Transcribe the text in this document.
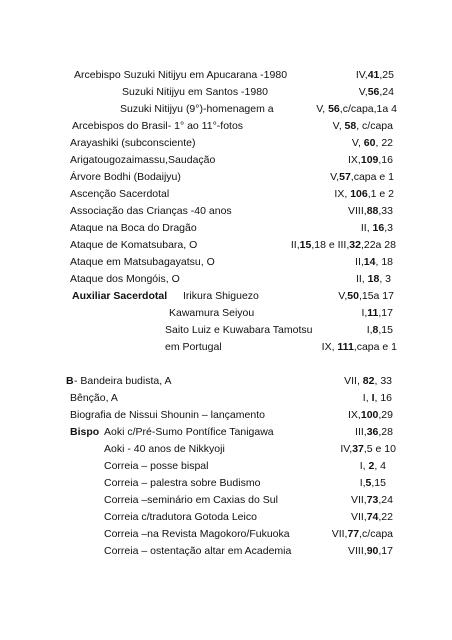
Arcebispo Suzuki Nitijyu em Apucarana -1980	IV,41,25
Suzuki Nitijyu em Santos -1980	V,56,24
Suzuki Nitijyu (9°)-homenagem a	V, 56,c/capa,1a 4
Arcebispos do Brasil- 1° ao 11°-fotos	V, 58, c/capa
Arayashiki (subconsciente)	V, 60, 22
Arigatougozaimassu,Saudação	IX,109,16
Árvore Bodhi (Bodaijyu)	V,57,capa e 1
Ascenção Sacerdotal	IX, 106,1 e 2
Associação das Crianças -40 anos	VIII,88,33
Ataque na Boca do Dragão	II, 16,3
Ataque de Komatsubara, O	II,15,18 e III,32,22a 28
Ataque em Matsubagayatsu, O	II,14, 18
Ataque dos Mongóis, O	II, 18, 3
Auxiliar Sacerdotal Irikura Shiguezo	V,50,15a 17
Kawamura Seiyou	I,11,17
Saito Luiz e Kuwabara Tamotsu	I,8,15
em Portugal	IX, 111,capa e 1
B - Bandeira budista, A	VII, 82, 33
Bênção, A	I, I, 16
Biografia de Nissui Shounin – lançamento	IX,100,29
Bispo Aoki c/Pré-Sumo Pontífice Tanigawa	III,36,28
Aoki - 40 anos de Nikkyoji	IV,37,5 e 10
Correia – posse bispal	I, 2, 4
Correia – palestra sobre Budismo	I,5,15
Correia –seminário em Caxias do Sul	VII,73,24
Correia c/tradutora Gotoda Leico	VII,74,22
Correia –na Revista Magokoro/Fukuoka	VII,77,c/capa
Correia – ostentação altar em Academia	VIII,90,17
